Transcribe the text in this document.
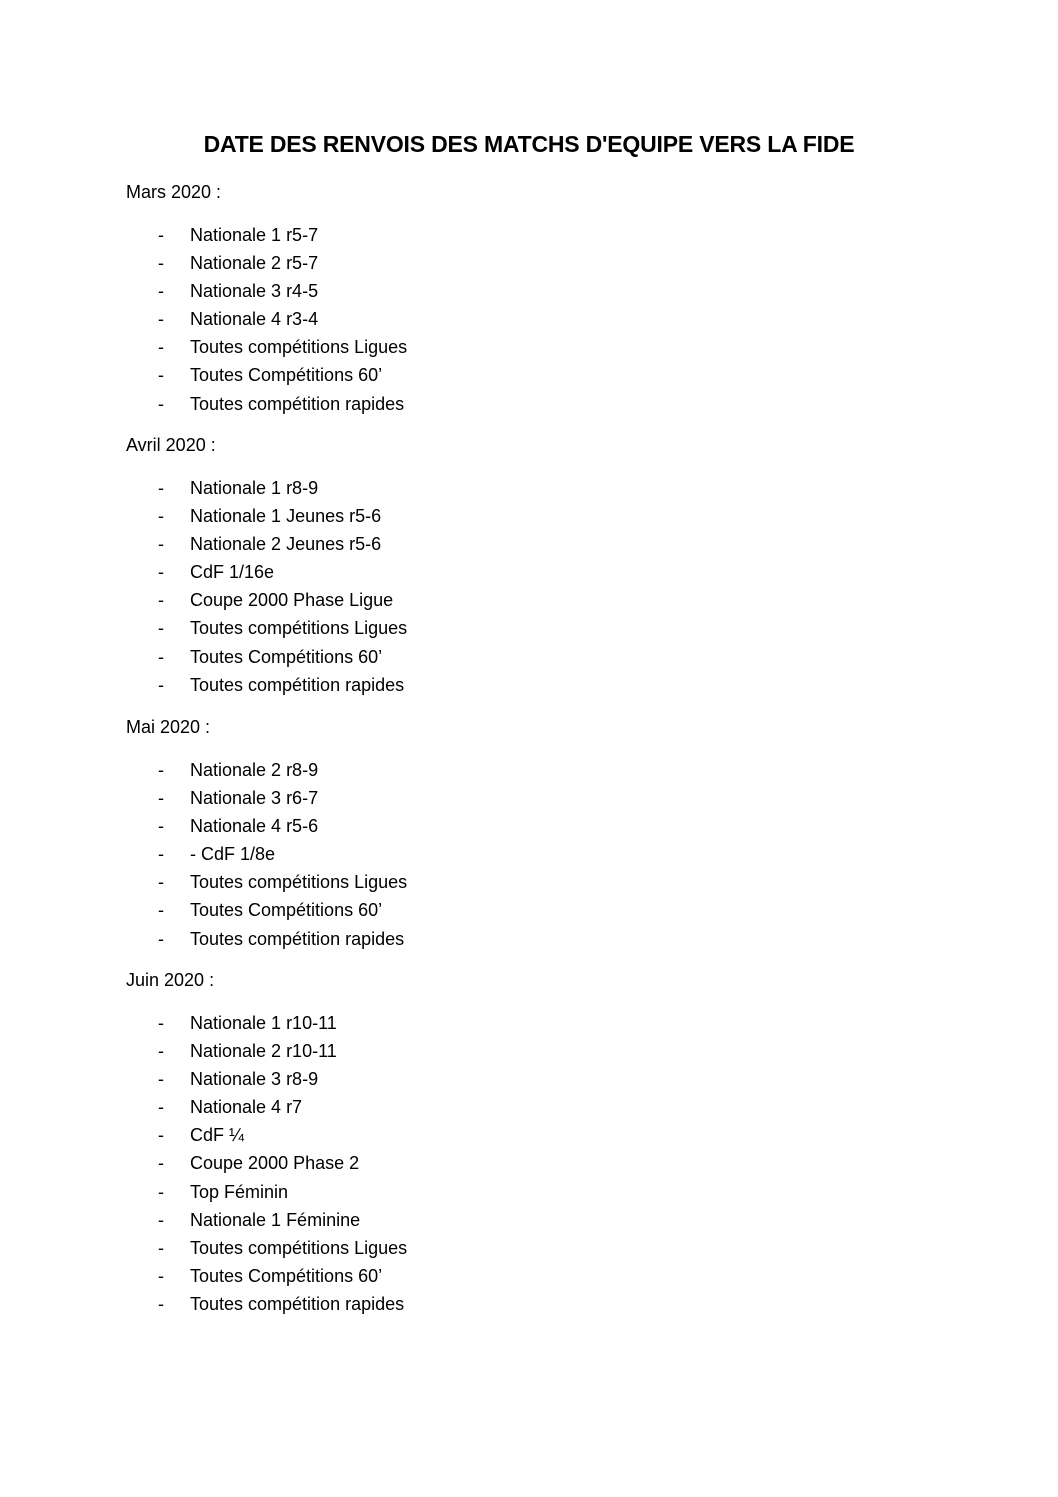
DATE DES RENVOIS DES MATCHS D'EQUIPE VERS LA FIDE
Mars 2020 :
- Nationale 1 r5-7
- Nationale 2 r5-7
- Nationale 3 r4-5
- Nationale 4 r3-4
- Toutes compétitions Ligues
- Toutes Compétitions 60’
- Toutes compétition rapides
Avril 2020 :
- Nationale 1 r8-9
- Nationale 1 Jeunes r5-6
- Nationale 2 Jeunes r5-6
- CdF 1/16e
- Coupe 2000 Phase Ligue
- Toutes compétitions Ligues
- Toutes Compétitions 60’
- Toutes compétition rapides
Mai 2020 :
- Nationale 2 r8-9
- Nationale 3 r6-7
- Nationale 4 r5-6
- - CdF 1/8e
- Toutes compétitions Ligues
- Toutes Compétitions 60’
- Toutes compétition rapides
Juin 2020 :
- Nationale 1 r10-11
- Nationale 2 r10-11
- Nationale 3 r8-9
- Nationale 4 r7
- CdF ¼
- Coupe 2000 Phase 2
- Top Féminin
- Nationale 1 Féminine
- Toutes compétitions Ligues
- Toutes Compétitions 60’
- Toutes compétition rapides
